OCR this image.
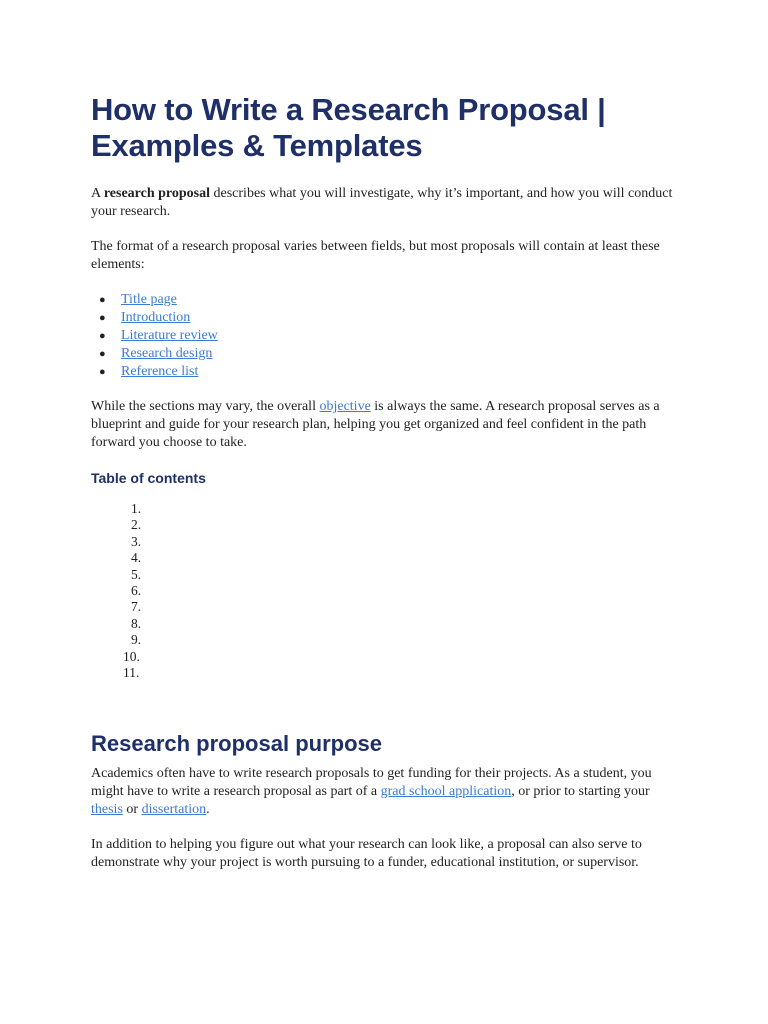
How to Write a Research Proposal | Examples & Templates

A research proposal describes what you will investigate, why it’s important, and how you will conduct your research.

The format of a research proposal varies between fields, but most proposals will contain at least these elements:

● Title page
● Introduction
● Literature review
● Research design
● Reference list

While the sections may vary, the overall objective is always the same. A research proposal serves as a blueprint and guide for your research plan, helping you get organized and feel confident in the path forward you choose to take.

Table of contents
1.
2.
3.
4.
5.
6.
7.
8.
9.
10.
11.
Research proposal purpose

Academics often have to write research proposals to get funding for their projects. As a student, you might have to write a research proposal as part of a grad school application, or prior to starting your thesis or dissertation.

In addition to helping you figure out what your research can look like, a proposal can also serve to demonstrate why your project is worth pursuing to a funder, educational institution, or supervisor.
